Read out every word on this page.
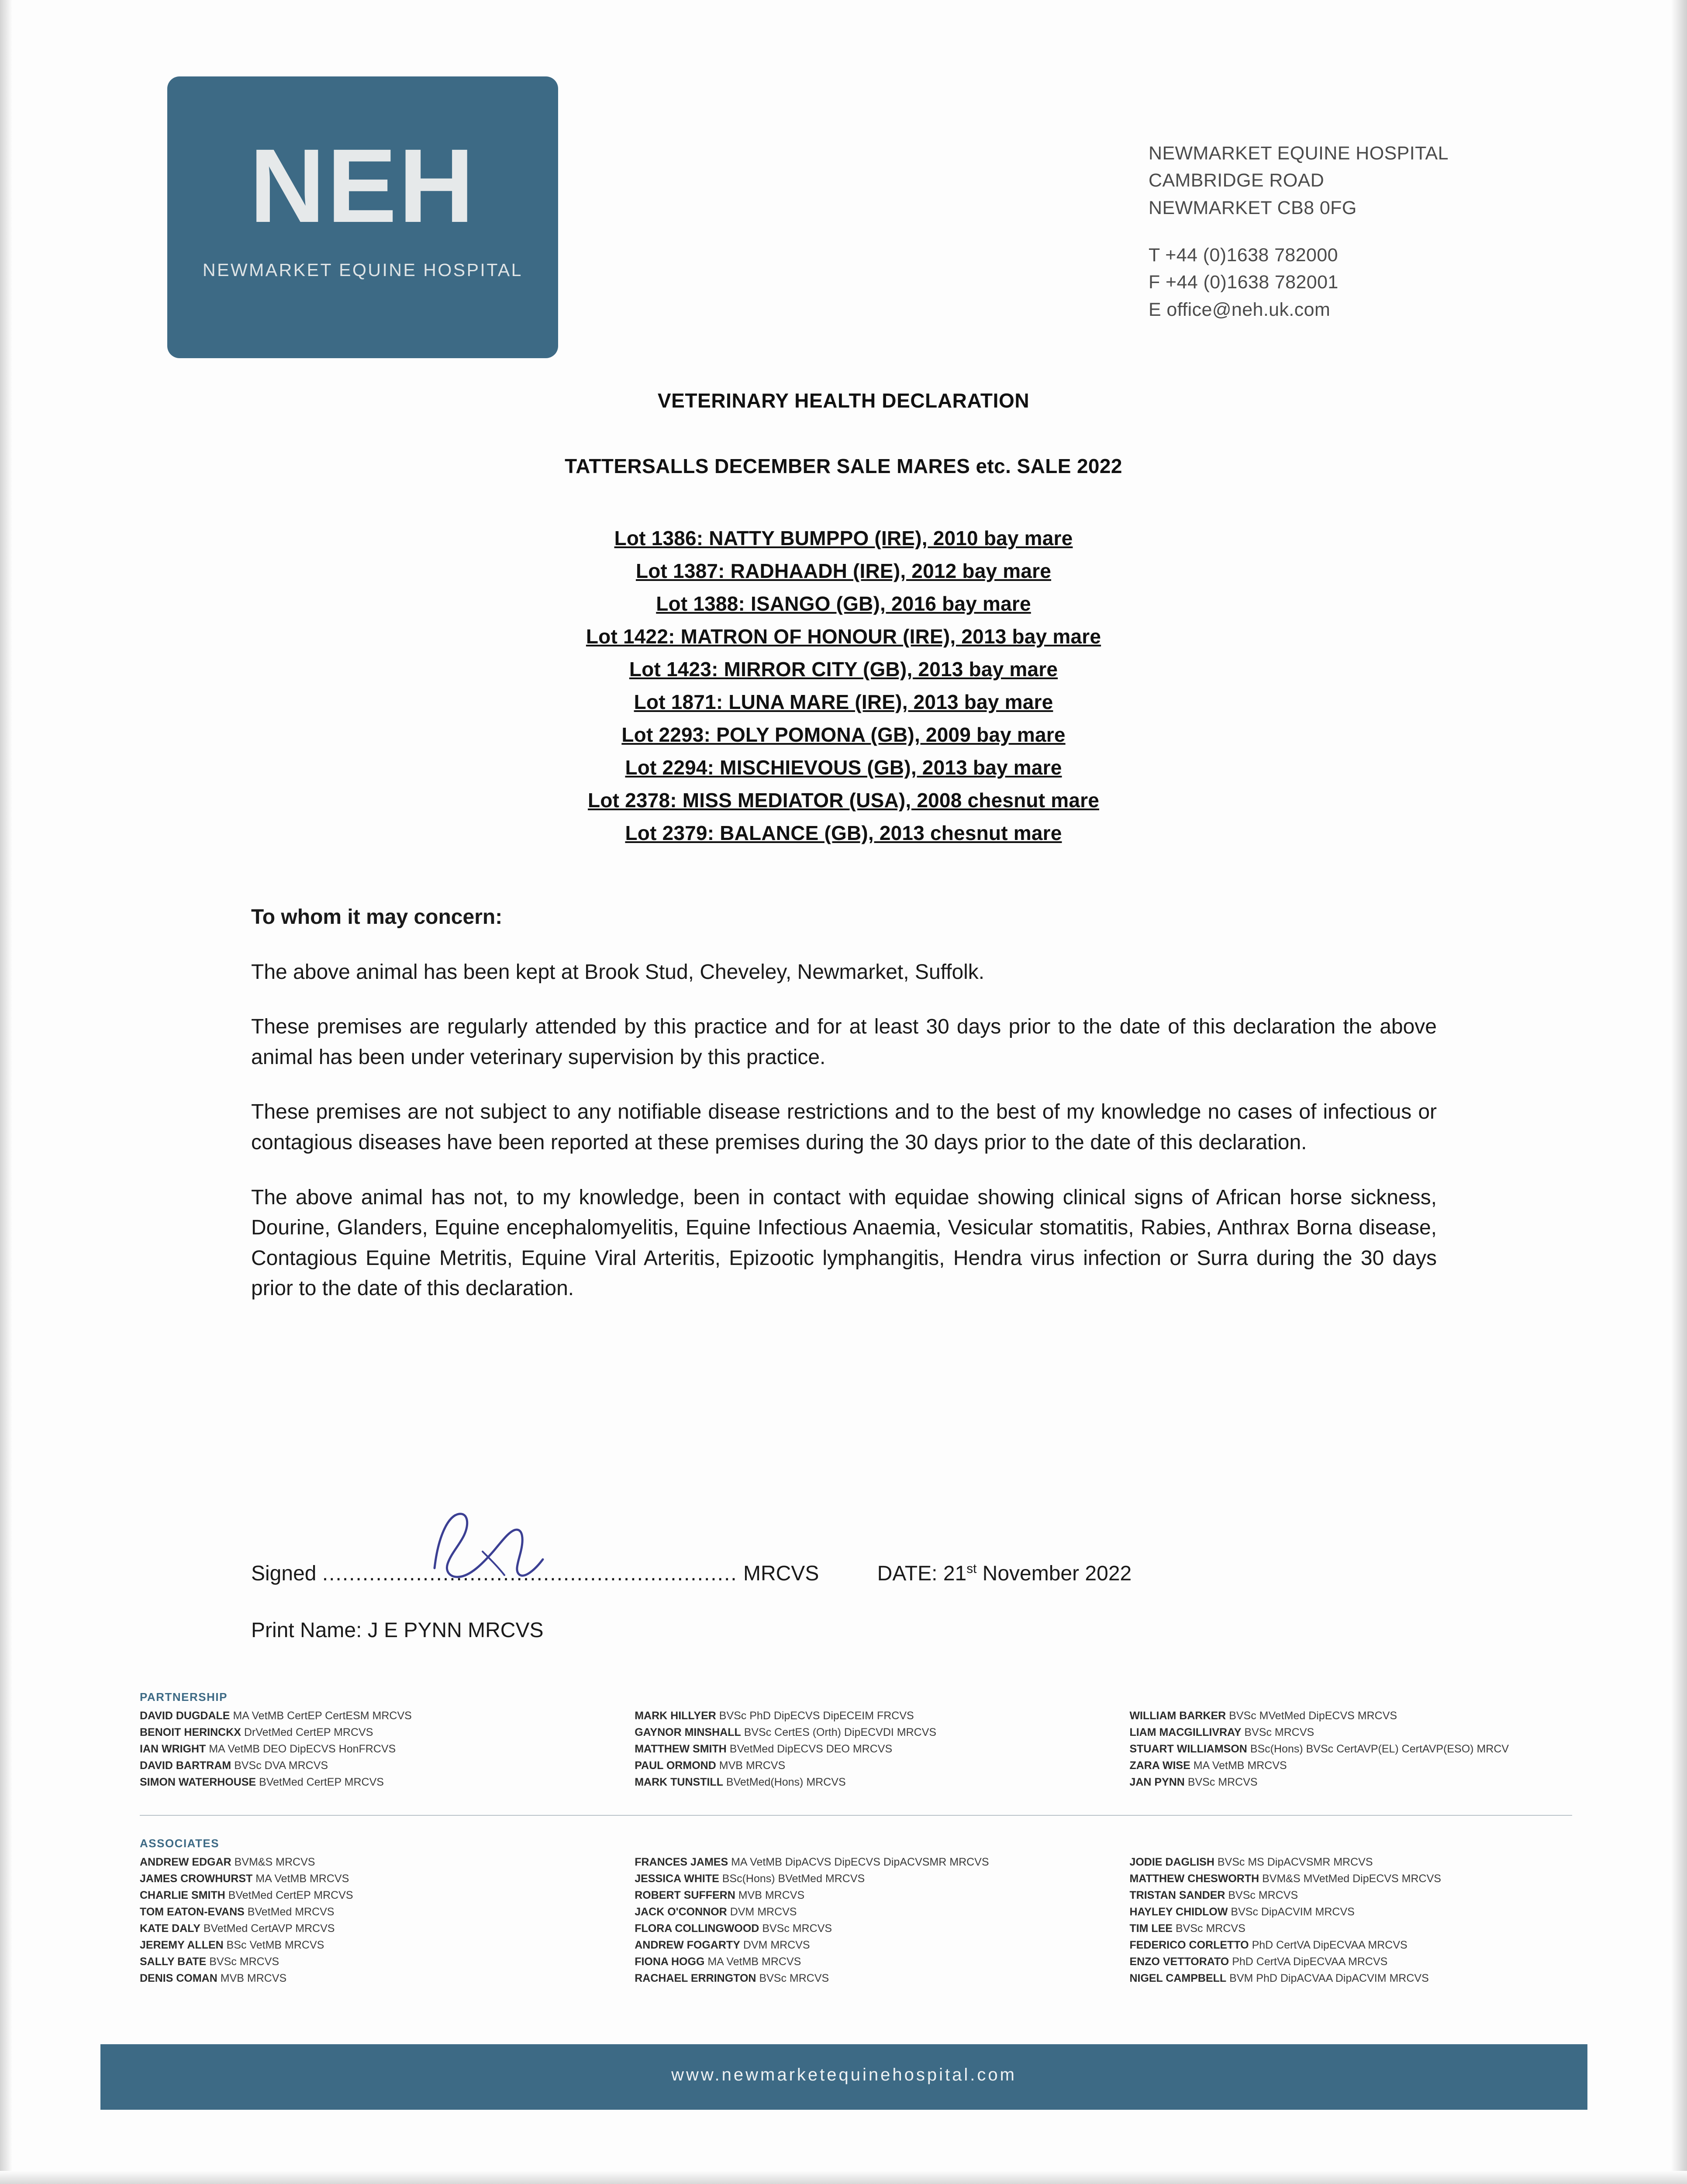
NEH
NEWMARKET EQUINE HOSPITAL
NEWMARKET EQUINE HOSPITAL
CAMBRIDGE ROAD
NEWMARKET CB8 0FG
T +44 (0)1638 782000
F +44 (0)1638 782001
E office@neh.uk.com
VETERINARY HEALTH DECLARATION
TATTERSALLS DECEMBER SALE MARES etc. SALE 2022
Lot 1386: NATTY BUMPPO (IRE), 2010 bay mare
Lot 1387: RADHAADH (IRE), 2012 bay mare
Lot 1388: ISANGO (GB), 2016 bay mare
Lot 1422: MATRON OF HONOUR (IRE), 2013 bay mare
Lot 1423: MIRROR CITY (GB), 2013 bay mare
Lot 1871: LUNA MARE (IRE), 2013 bay mare
Lot 2293: POLY POMONA (GB), 2009 bay mare
Lot 2294: MISCHIEVOUS (GB), 2013 bay mare
Lot 2378: MISS MEDIATOR (USA), 2008 chesnut mare
Lot 2379: BALANCE (GB), 2013 chesnut mare

To whom it may concern:

The above animal has been kept at Brook Stud, Cheveley, Newmarket, Suffolk.

These premises are regularly attended by this practice and for at least 30 days prior to the date of this declaration the above animal has been under veterinary supervision by this practice.

These premises are not subject to any notifiable disease restrictions and to the best of my knowledge no cases of infectious or contagious diseases have been reported at these premises during the 30 days prior to the date of this declaration.

The above animal has not, to my knowledge, been in contact with equidae showing clinical signs of African horse sickness, Dourine, Glanders, Equine encephalomyelitis, Equine Infectious Anaemia, Vesicular stomatitis, Rabies, Anthrax Borna disease, Contagious Equine Metritis, Equine Viral Arteritis, Epizootic lymphangitis, Hendra virus infection or Surra during the 30 days prior to the date of this declaration.

Signed .............................................................. MRCVS	DATE: 21st November 2022
Print Name: J E PYNN MRCVS
PARTNERSHIP
DAVID DUGDALE MA VetMB CertEP CertESM MRCVS
BENOIT HERINCKX DrVetMed CertEP MRCVS
IAN WRIGHT MA VetMB DEO DipECVS HonFRCVS
DAVID BARTRAM BVSc DVA MRCVS
SIMON WATERHOUSE BVetMed CertEP MRCVS
MARK HILLYER BVSc PhD DipECVS DipECEIM FRCVS
GAYNOR MINSHALL BVSc CertES (Orth) DipECVDI MRCVS
MATTHEW SMITH BVetMed DipECVS DEO MRCVS
PAUL ORMOND MVB MRCVS
MARK TUNSTILL BVetMed(Hons) MRCVS
WILLIAM BARKER BVSc MVetMed DipECVS MRCVS
LIAM MACGILLIVRAY BVSc MRCVS
STUART WILLIAMSON BSc(Hons) BVSc CertAVP(EL) CertAVP(ESO) MRCV
ZARA WISE MA VetMB MRCVS
JAN PYNN BVSc MRCVS
ASSOCIATES
ANDREW EDGAR BVM&S MRCVS
JAMES CROWHURST MA VetMB MRCVS
CHARLIE SMITH BVetMed CertEP MRCVS
TOM EATON-EVANS BVetMed MRCVS
KATE DALY BVetMed CertAVP MRCVS
JEREMY ALLEN BSc VetMB MRCVS
SALLY BATE BVSc MRCVS
DENIS COMAN MVB MRCVS
FRANCES JAMES MA VetMB DipACVS DipECVS DipACVSMR MRCVS
JESSICA WHITE BSc(Hons) BVetMed MRCVS
ROBERT SUFFERN MVB MRCVS
JACK O'CONNOR DVM MRCVS
FLORA COLLINGWOOD BVSc MRCVS
ANDREW FOGARTY DVM MRCVS
FIONA HOGG MA VetMB MRCVS
RACHAEL ERRINGTON BVSc MRCVS
JODIE DAGLISH BVSc MS DipACVSMR MRCVS
MATTHEW CHESWORTH BVM&S MVetMed DipECVS MRCVS
TRISTAN SANDER BVSc MRCVS
HAYLEY CHIDLOW BVSc DipACVIM MRCVS
TIM LEE BVSc MRCVS
FEDERICO CORLETTO PhD CertVA DipECVAA MRCVS
ENZO VETTORATO PhD CertVA DipECVAA MRCVS
NIGEL CAMPBELL BVM PhD DipACVAA DipACVIM MRCVS
www.newmarketequinehospital.com
